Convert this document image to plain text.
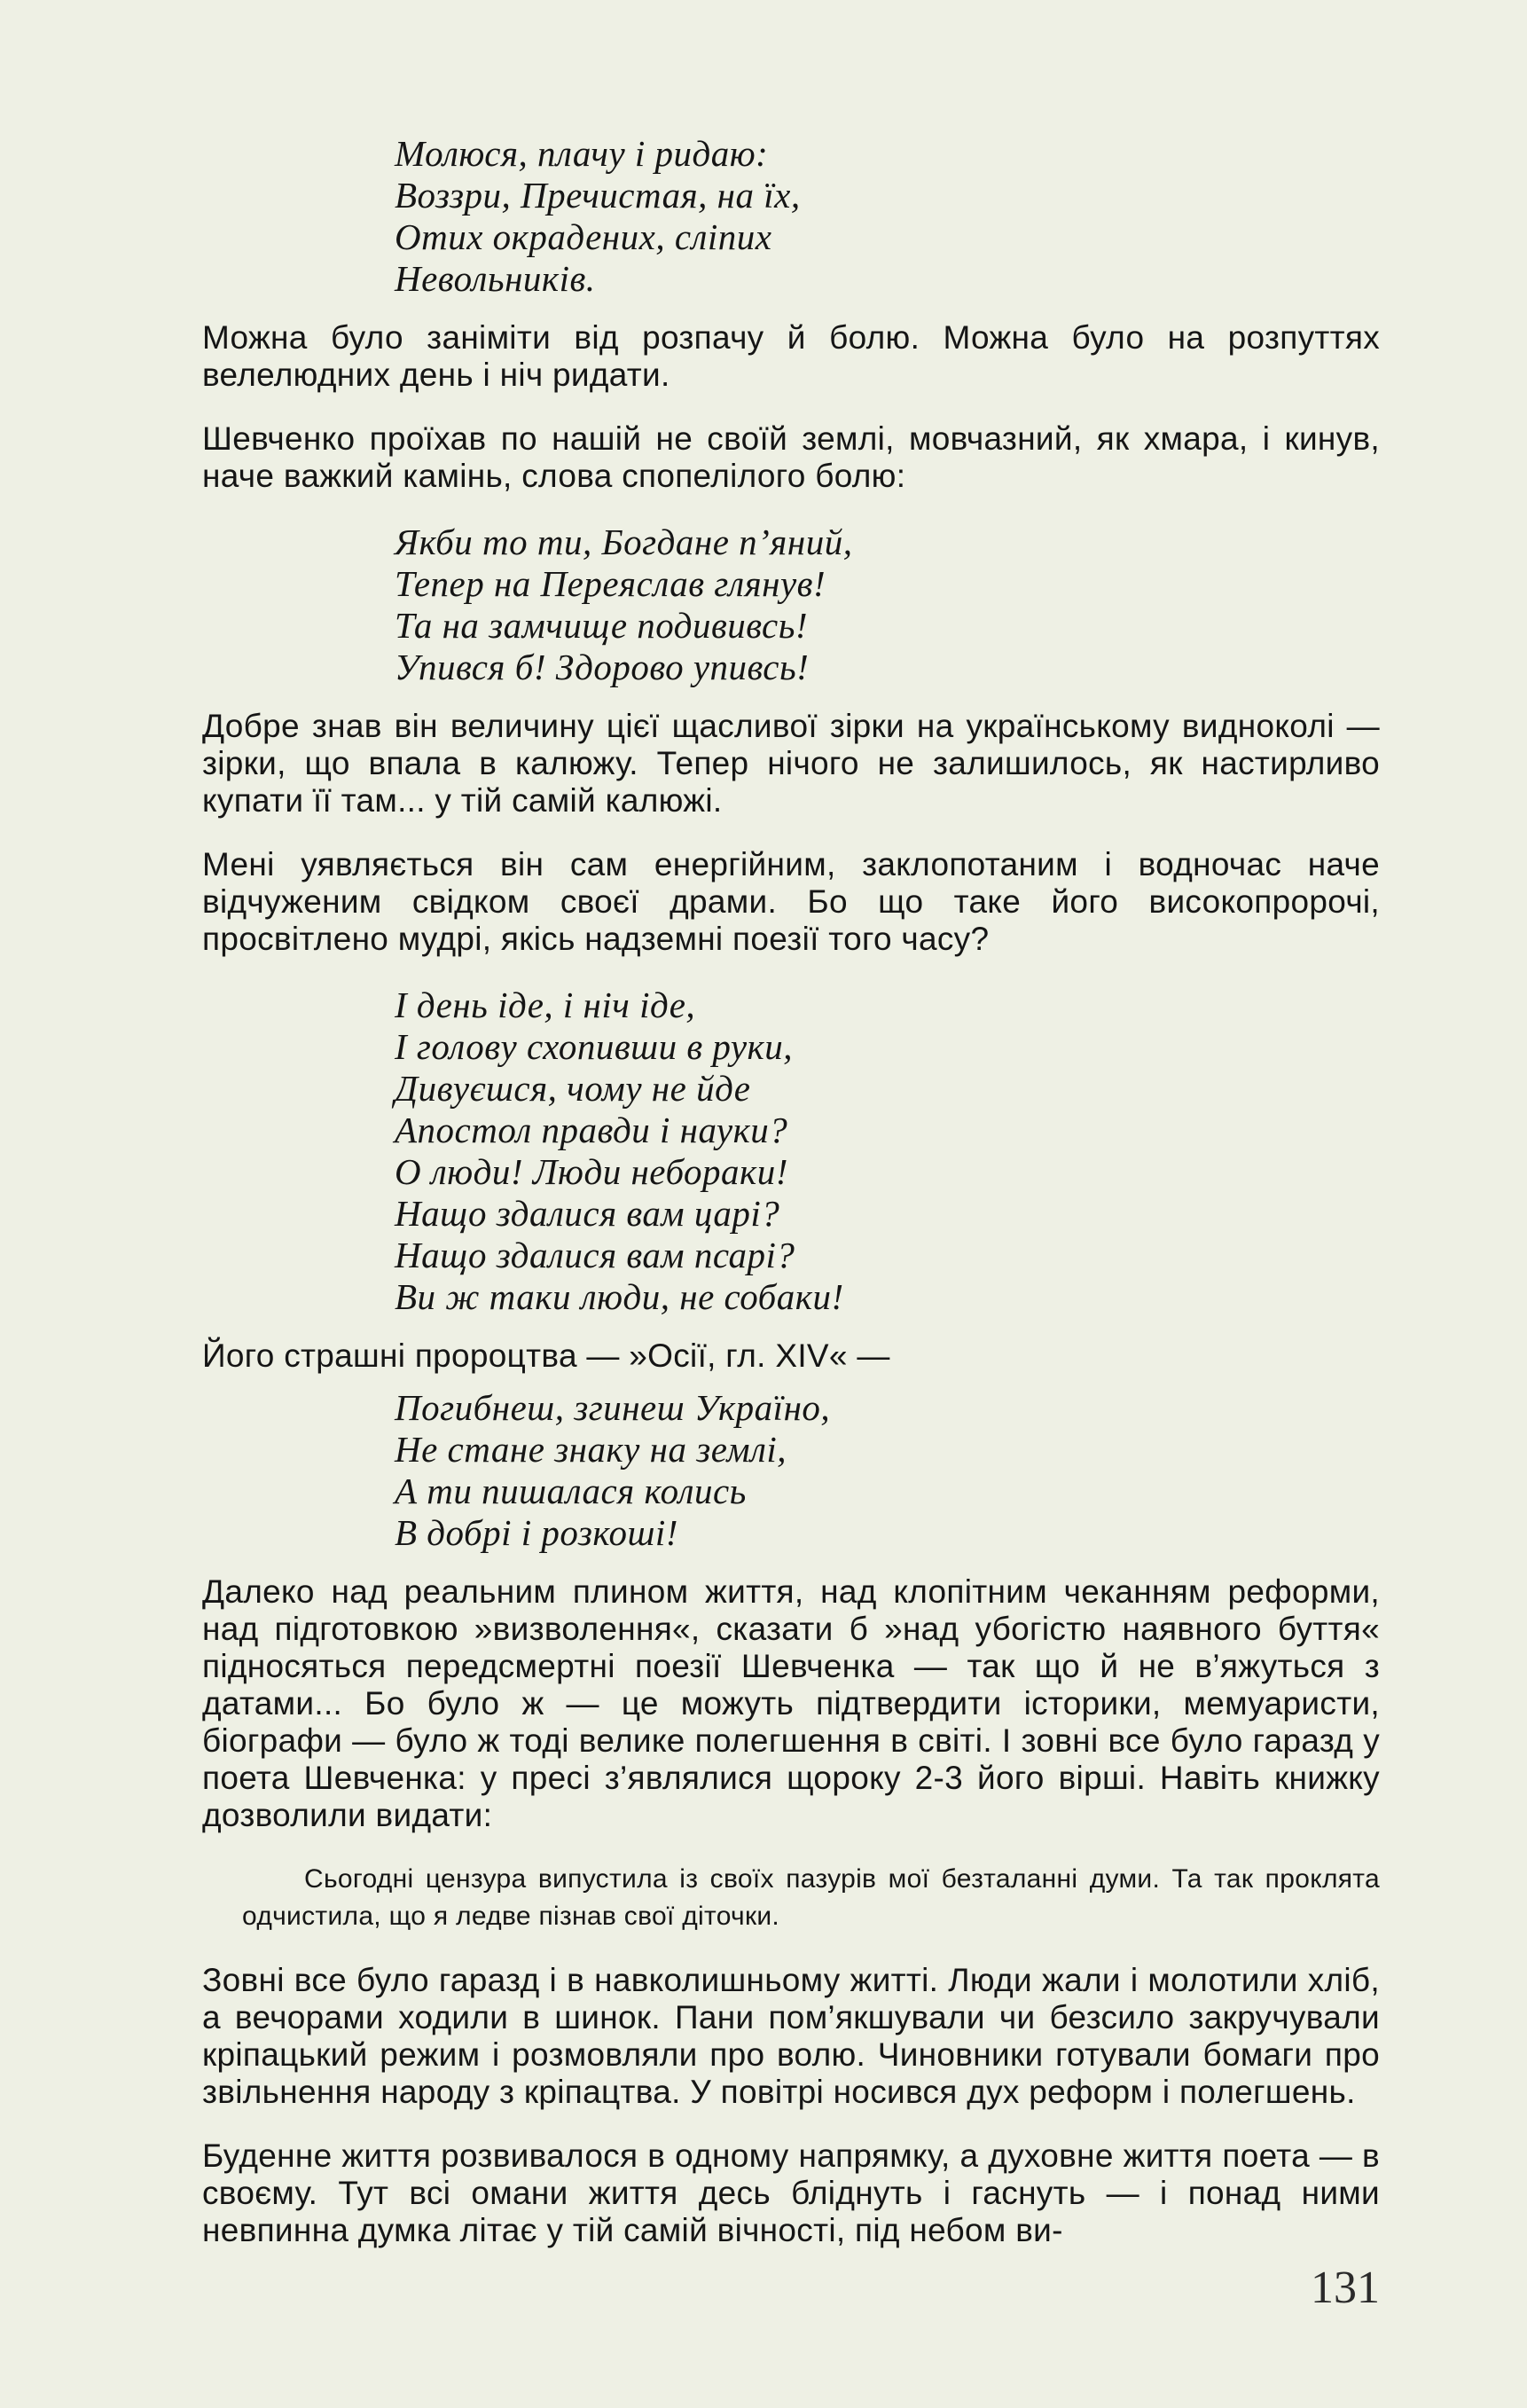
Молюся, плачу і ридаю:
Воззри, Пречистая, на їх,
Отих окрадених, сліпих
Невольників.

Можна було заніміти від розпачу й болю. Можна було на розпуттях велелюдних день і ніч ридати.

Шевченко проїхав по нашій не своїй землі, мовчазний, як хмара, і кинув, наче важкий камінь, слова спопелілого болю:

Якби то ти, Богдане п’яний,
Тепер на Переяслав глянув!
Та на замчище подививсь!
Упився б! Здорово упивсь!

Добре знав він величину цієї щасливої зірки на українському видноколі — зірки, що впала в калюжу. Тепер нічого не залишилось, як настирливо купати її там... у тій самій калюжі.

Мені уявляється він сам енергійним, заклопотаним і водночас наче відчуженим свідком своєї драми. Бо що таке його високопророчі, просвітлено мудрі, якісь надземні поезії того часу?

І день іде, і ніч іде,
І голову схопивши в руки,
Дивуєшся, чому не йде
Апостол правди і науки?
О люди! Люди небораки!
Нащо здалися вам царі?
Нащо здалися вам псарі?
Ви ж таки люди, не собаки!

Його страшні пророцтва — »Осії, гл. XIV« —

Погибнеш, згинеш Україно,
Не стане знаку на землі,
А ти пишалася колись
В добрі і розкоші!

Далеко над реальним плином життя, над клопітним чеканням реформи, над підготовкою »визволення«, сказати б »над убогістю наявного буття« підносяться передсмертні поезії Шевченка — так що й не в’яжуться з датами... Бо було ж — це можуть підтвердити історики, мемуаристи, біографи — було ж тоді велике полегшення в світі. І зовні все було гаразд у поета Шевченка: у пресі з’являлися щороку 2-3 його вірші. Навіть книжку дозволили видати:

Сьогодні цензура випустила із своїх пазурів мої безталанні думи. Та так проклята одчистила, що я ледве пізнав свої діточки.

Зовні все було гаразд і в навколишньому житті. Люди жали і молотили хліб, а вечорами ходили в шинок. Пани пом’якшували чи безсило закручували кріпацький режим і розмовляли про волю. Чиновники готували бомаги про звільнення народу з кріпацтва. У повітрі носився дух реформ і полегшень.

Буденне життя розвивалося в одному напрямку, а духовне життя поета — в своєму. Тут всі омани життя десь бліднуть і гаснуть — і понад ними невпинна думка літає у тій самій вічності, під небом ви-

131
